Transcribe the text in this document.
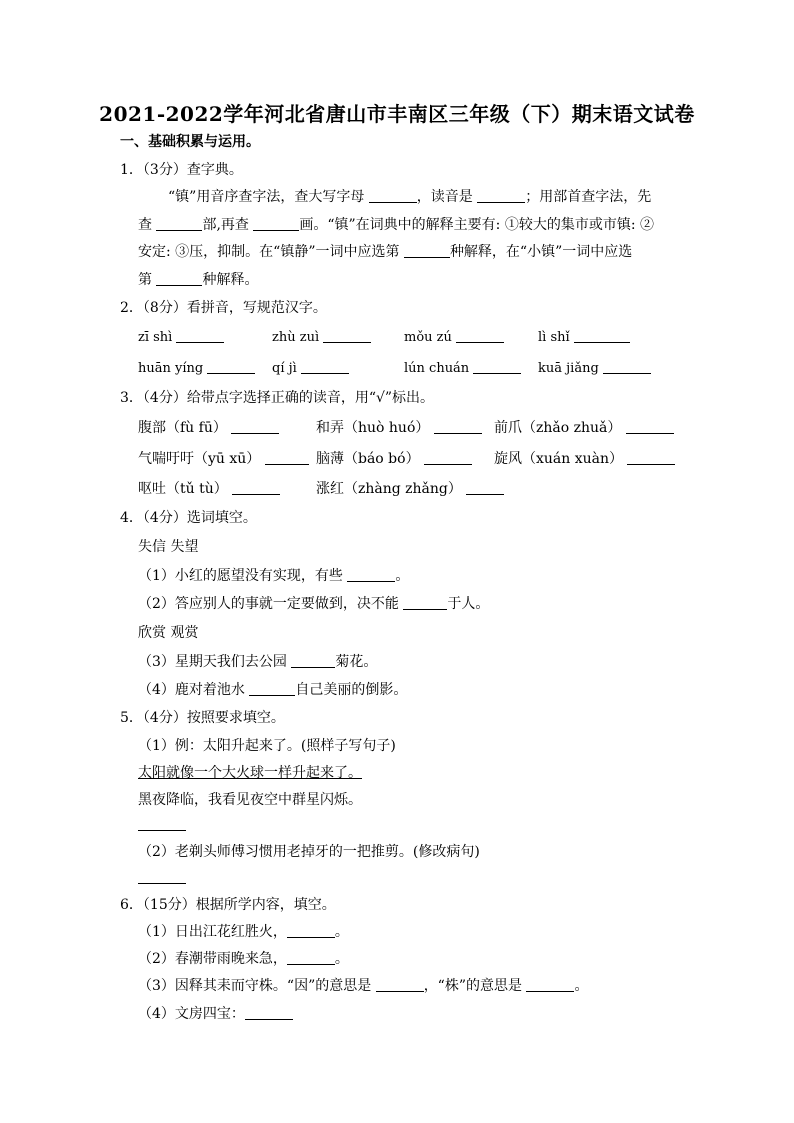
2021-2022学年河北省唐山市丰南区三年级（下）期末语文试卷
一、基础积累与运用。
1．（3分）查字典。
“镇”用音序查字法，查大写字母	，读音是	；用部首查字法，先
查	部,再查	画。“镇”在词典中的解释主要有: ①较大的集市或市镇: ②
安定: ③压，抑制。在“镇静”一词中应选第	种解释，在“小镇”一词中应选
第	种解释。
2．（8分）看拼音，写规范汉字。
zī shì	zhù zuì	mǒu zú	lì shǐ
huān yíng	qí jì	lún chuán	kuā jiǎng
3．（4分）给带点字选择正确的读音，用“√”标出。
腹部（fù fū）	和弄（huò huó）	前爪（zhǎo zhuǎ）
气喘吁吁（yū xū）	脑薄（báo bó）	旋风（xuán xuàn）
呕吐（tǔ tù）	涨红（zhàng zhǎng）
4．（4分）选词填空。
失信 失望
（1）小红的愿望没有实现，有些	。
（2）答应别人的事就一定要做到，决不能	于人。
欣赏 观赏
（3）星期天我们去公园	菊花。
（4）鹿对着池水	自己美丽的倒影。
5．（4分）按照要求填空。
（1）例：太阳升起来了。(照样子写句子)
太阳就像一个大火球一样升起来了。
黑夜降临，我看见夜空中群星闪烁。
（2）老剃头师傅习惯用老掉牙的一把推剪。(修改病句)
6．（15分）根据所学内容，填空。
（1）日出江花红胜火，	。
（2）春潮带雨晚来急，	。
（3）因释其耒而守株。“因”的意思是	，“株”的意思是	。
（4）文房四宝：
